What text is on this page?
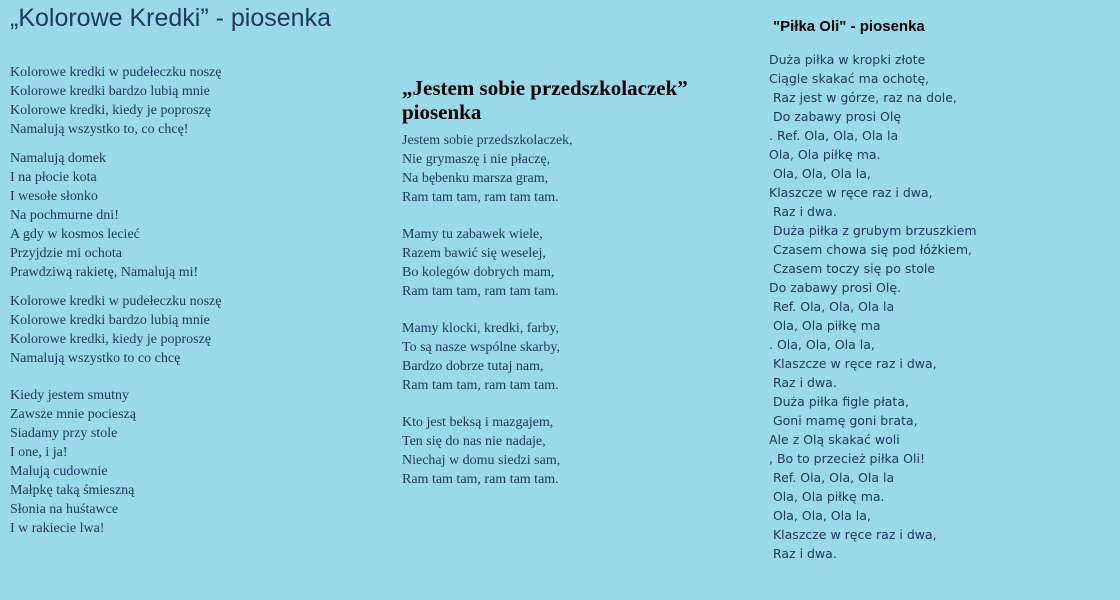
„Kolorowe Kredki” - piosenka
Kolorowe kredki w pudełeczku noszę
Kolorowe kredki bardzo lubią mnie
Kolorowe kredki, kiedy je poproszę
Namalują wszystko to, co chcę!
Namalują domek
I na płocie kota
I wesołe słonko
Na pochmurne dni!
A gdy w kosmos lecieć
Przyjdzie mi ochota
Prawdziwą rakietę, Namalują mi!
Kolorowe kredki w pudełeczku noszę
Kolorowe kredki bardzo lubią mnie
Kolorowe kredki, kiedy je poproszę
Namalują wszystko to co chcę
Kiedy jestem smutny
Zawsze mnie pocieszą
Siadamy przy stole
I one, i ja!
Malują cudownie
Małpkę taką śmieszną
Słonia na huśtawce
I w rakiecie lwa!
„Jestem sobie przedszkolaczek”
piosenka
Jestem sobie przedszkolaczek,
Nie grymaszę i nie płaczę,
Na bębenku marsza gram,
Ram tam tam, ram tam tam.
Mamy tu zabawek wiele,
Razem bawić się weselej,
Bo kolegów dobrych mam,
Ram tam tam, ram tam tam.
Mamy klocki, kredki, farby,
To są nasze wspólne skarby,
Bardzo dobrze tutaj nam,
Ram tam tam, ram tam tam.
Kto jest beksą i mazgajem,
Ten się do nas nie nadaje,
Niechaj w domu siedzi sam,
Ram tam tam, ram tam tam.
"Piłka Oli" - piosenka
Duża piłka w kropki złote
Ciągle skakać ma ochotę,
Raz jest w górze, raz na dole,
Do zabawy prosi Olę
. Ref. Ola, Ola, Ola la
Ola, Ola piłkę ma.
Ola, Ola, Ola la,
Klaszcze w ręce raz i dwa,
Raz i dwa.
Duża piłka z grubym brzuszkiem
Czasem chowa się pod łóżkiem,
Czasem toczy się po stole
Do zabawy prosi Olę.
Ref. Ola, Ola, Ola la
Ola, Ola piłkę ma
. Ola, Ola, Ola la,
Klaszcze w ręce raz i dwa,
Raz i dwa.
Duża piłka figle płata,
Goni mamę goni brata,
Ale z Olą skakać woli
, Bo to przecież piłka Oli!
Ref. Ola, Ola, Ola la
Ola, Ola piłkę ma.
Ola, Ola, Ola la,
Klaszcze w ręce raz i dwa,
Raz i dwa.
